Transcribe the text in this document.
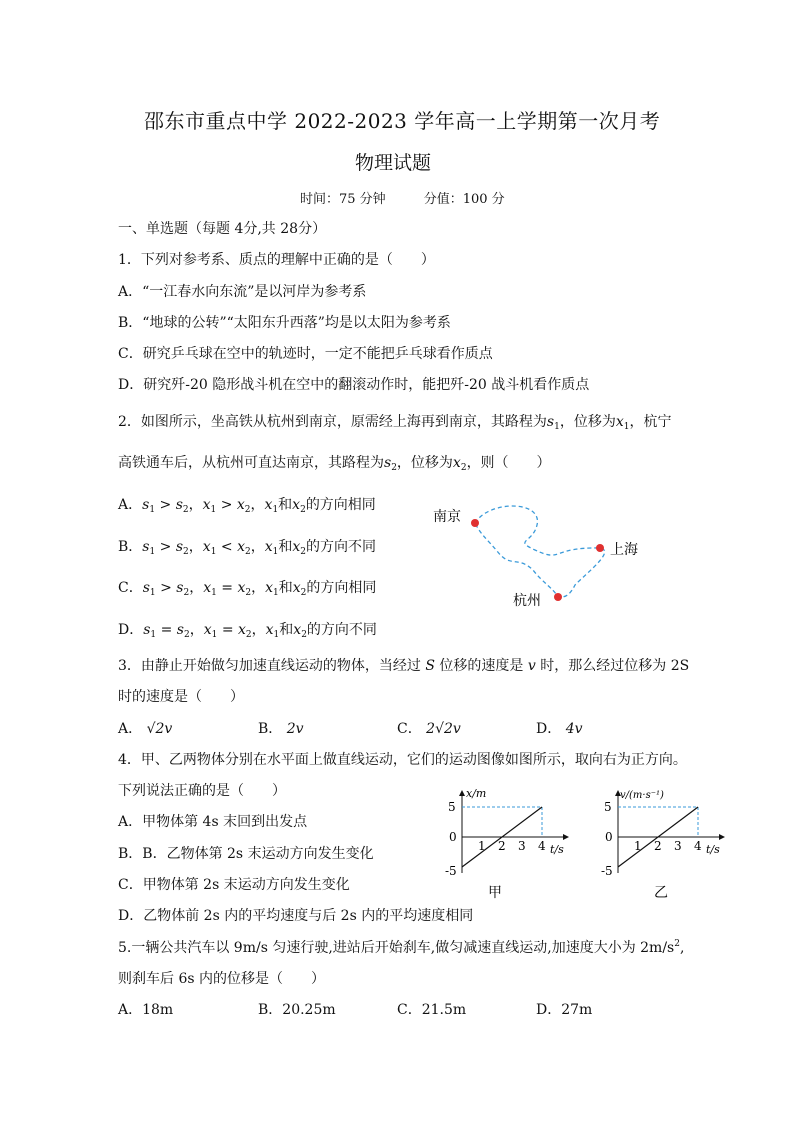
邵东市重点中学 2022-2023 学年高一上学期第一次月考
物理试题
时间：75 分钟	分值：100 分
一、单选题（每题 4分,共 28分）
1．下列对参考系、质点的理解中正确的是（　　）
A．“一江春水向东流”是以河岸为参考系
B．“地球的公转”“太阳东升西落”均是以太阳为参考系
C．研究乒乓球在空中的轨迹时，一定不能把乒乓球看作质点
D．研究歼-20 隐形战斗机在空中的翻滚动作时，能把歼-20 战斗机看作质点
2．如图所示，坐高铁从杭州到南京，原需经上海再到南京，其路程为$s_1$，位移为$x_1$，杭宁
高铁通车后，从杭州可直达南京，其路程为$s_2$，位移为$x_2$，则（　　）
A．$s_1 > s_2$，$x_1 > x_2$，$x_1$和$x_2$的方向相同
B．$s_1 > s_2$，$x_1 < x_2$，$x_1$和$x_2$的方向不同
C．$s_1 > s_2$，$x_1 = x_2$，$x_1$和$x_2$的方向相同
D．$s_1 = s_2$，$x_1 = x_2$，$x_1$和$x_2$的方向不同
南京
上海
杭州
3．由静止开始做匀加速直线运动的物体，当经过 S 位移的速度是 v 时，那么经过位移为 2S
时的速度是（　　）
A． √2v	B． 2v	C． 2√2v	D． 4v
4．甲、乙两物体分别在水平面上做直线运动，它们的运动图像如图所示，取向右为正方向。
下列说法正确的是（　　）
A．甲物体第 4s 末回到出发点
B．B．乙物体第 2s 末运动方向发生变化
C．甲物体第 2s 末运动方向发生变化
D．乙物体前 2s 内的平均速度与后 2s 内的平均速度相同
x/m
t/s
5
0
-5
1 2 3 4
甲
v/(m·s⁻¹)
t/s
5
0
-5
1 2 3 4
乙
5.一辆公共汽车以 9m/s 匀速行驶,进站后开始刹车,做匀减速直线运动,加速度大小为 $2m/s^2$,
则刹车后 6s 内的位移是（　　）
A．18m	B．20.25m	C．21.5m	D．27m
